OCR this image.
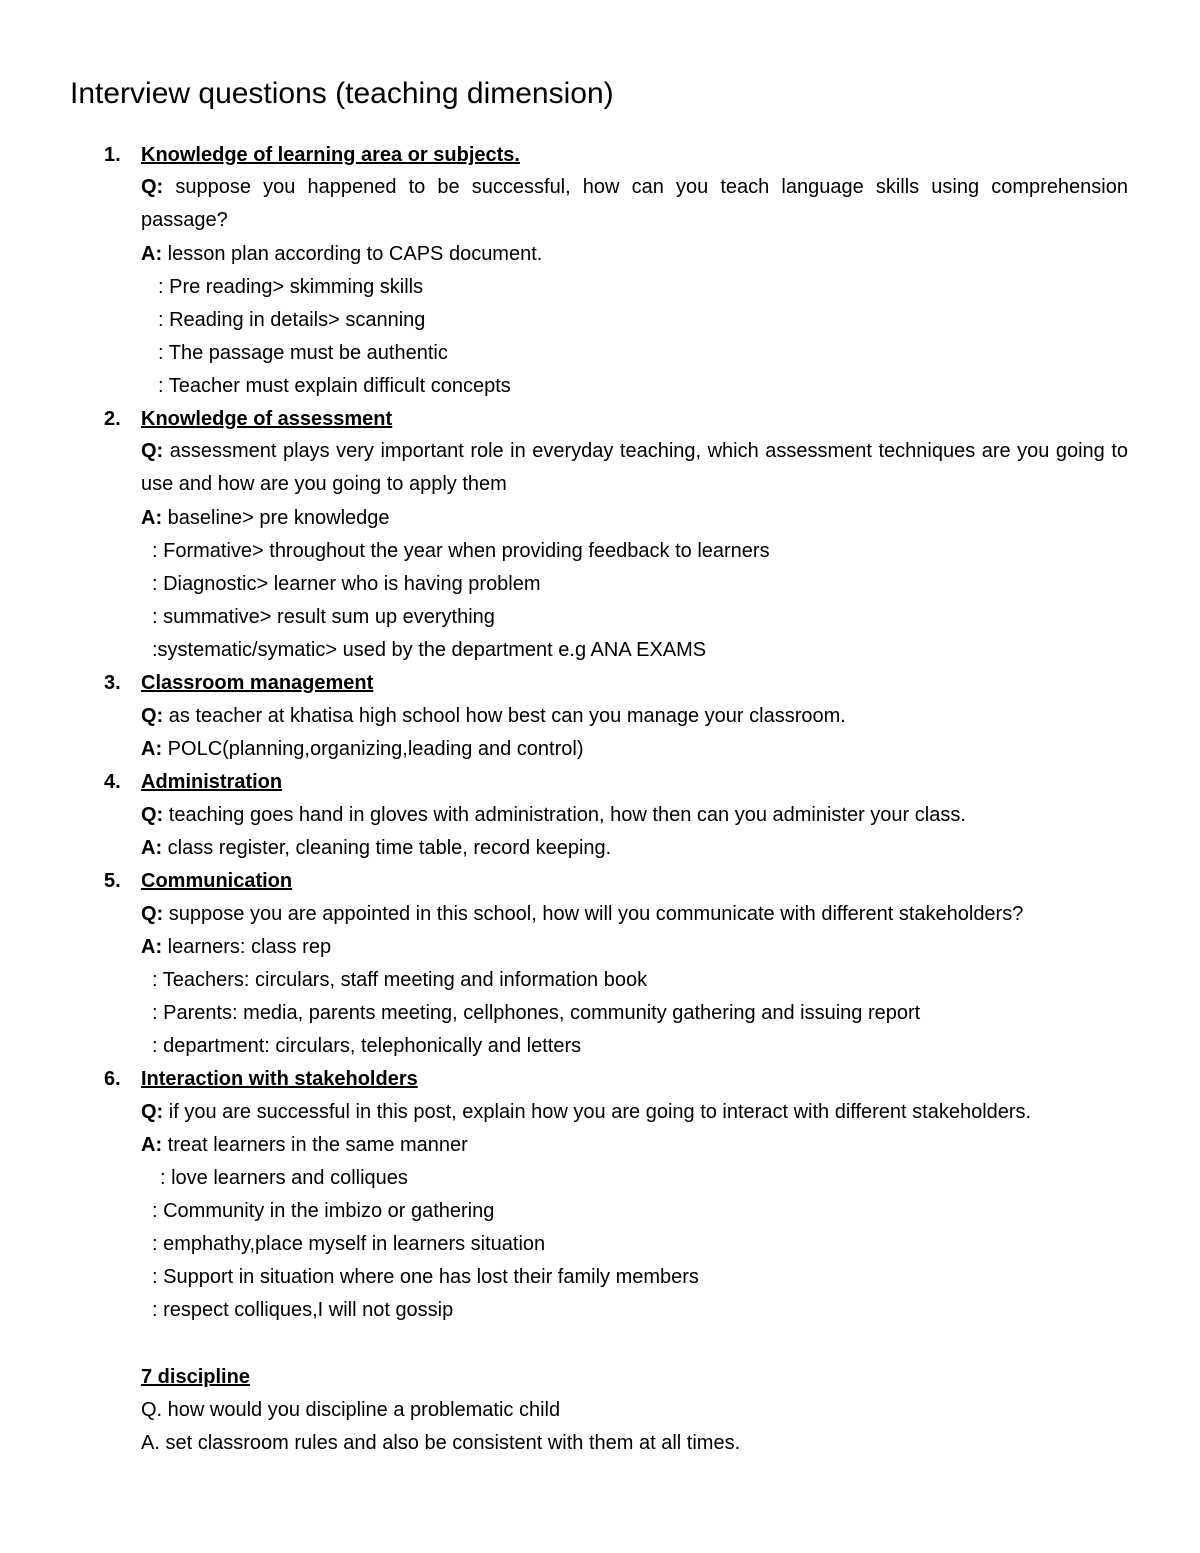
Interview questions (teaching dimension)
1. Knowledge of learning area or subjects.
Q: suppose you happened to be successful, how can you teach language skills using comprehension passage?
A: lesson plan according to CAPS document.
: Pre reading> skimming skills
: Reading in details> scanning
: The passage must be authentic
: Teacher must explain difficult concepts
2. Knowledge of assessment
Q: assessment plays very important role in everyday teaching, which assessment techniques are you going to use and how are you going to apply them
A: baseline> pre knowledge
: Formative> throughout the year when providing feedback to learners
: Diagnostic> learner who is having problem
: summative> result sum up everything
:systematic/symatic> used by the department e.g ANA EXAMS
3. Classroom management
Q: as teacher at khatisa high school how best can you manage your classroom.
A: POLC(planning,organizing,leading and control)
4. Administration
Q: teaching goes hand in gloves with administration, how then can you administer your class.
A: class register, cleaning time table, record keeping.
5. Communication
Q: suppose you are appointed in this school, how will you communicate with different stakeholders?
A: learners: class rep
: Teachers: circulars, staff meeting and information book
: Parents: media, parents meeting, cellphones, community gathering and issuing report
: department: circulars, telephonically and letters
6. Interaction with stakeholders
Q: if you are successful in this post, explain how you are going to interact with different stakeholders.
A: treat learners in the same manner
: love learners and colliques
: Community in the imbizo or gathering
: emphathy,place myself in learners situation
: Support in situation where one has lost their family members
: respect colliques,I will not gossip
7 discipline
Q. how would you discipline a problematic child
A. set classroom rules and also be consistent with them at all times.
